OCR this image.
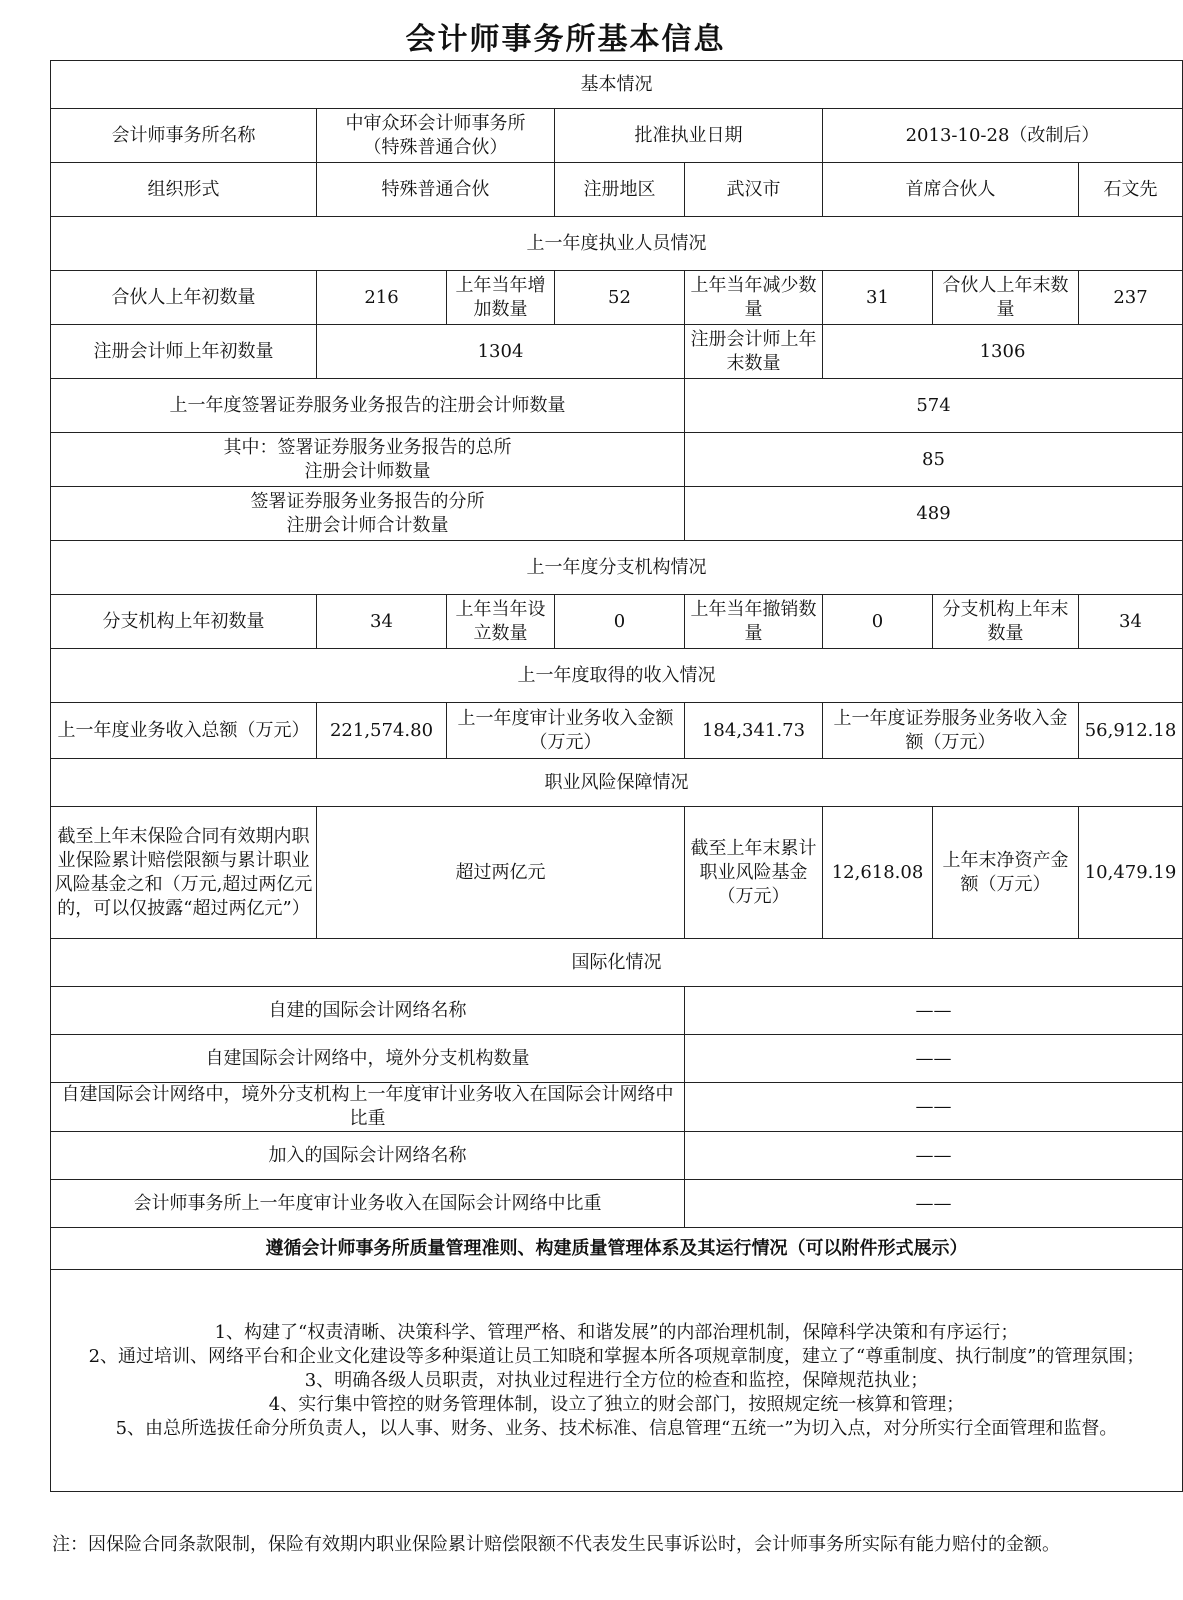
会计师事务所基本信息
基本情况							
会计师事务所名称	中审众环会计师事务所
（特殊普通合伙）		批准执业日期		2013-10-28（改制后）		
组织形式	特殊普通合伙		注册地区	武汉市	首席合伙人		石文先
上一年度执业人员情况							
合伙人上年初数量	216	上年当年增加数量	52	上年当年减少数量	31	合伙人上年末数量	237
注册会计师上年初数量	1304			注册会计师上年末数量	1306		
上一年度签署证券服务业务报告的注册会计师数量				574			

其中：签署证券服务业务报告的总所
注册会计师数量				85			

签署证券服务业务报告的分所
注册会计师合计数量				489			
上一年度分支机构情况							
分支机构上年初数量	34	上年当年设立数量	0	上年当年撤销数量	0	分支机构上年末数量	34
上一年度取得的收入情况							
上一年度业务收入总额（万元）	221,574.80	上一年度审计业务收入金额（万元）		184,341.73	上一年度证券服务业务收入金额（万元）		56,912.18
职业风险保障情况							
截至上年末保险合同有效期内职业保险累计赔偿限额与累计职业风险基金之和（万元,超过两亿元的，可以仅披露“超过两亿元”）	超过两亿元			截至上年末累计职业风险基金（万元）	12,618.08	上年末净资产金额（万元）	10,479.19
国际化情况							
自建的国际会计网络名称				——			
自建国际会计网络中，境外分支机构数量				——			
自建国际会计网络中，境外分支机构上一年度审计业务收入在国际会计网络中比重				——			
加入的国际会计网络名称				——			
会计师事务所上一年度审计业务收入在国际会计网络中比重				——			
遵循会计师事务所质量管理准则、构建质量管理体系及其运行情况（可以附件形式展示）							

1、构建了“权责清晰、决策科学、管理严格、和谐发展”的内部治理机制，保障科学决策和有序运行；
2、通过培训、网络平台和企业文化建设等多种渠道让员工知晓和掌握本所各项规章制度，建立了“尊重制度、执行制度”的管理氛围；
3、明确各级人员职责，对执业过程进行全方位的检查和监控，保障规范执业；
4、实行集中管控的财务管理体制，设立了独立的财会部门，按照规定统一核算和管理；
5、由总所选拔任命分所负责人，以人事、财务、业务、技术标准、信息管理“五统一”为切入点，对分所实行全面管理和监督。							
注：因保险合同条款限制，保险有效期内职业保险累计赔偿限额不代表发生民事诉讼时，会计师事务所实际有能力赔付的金额。
